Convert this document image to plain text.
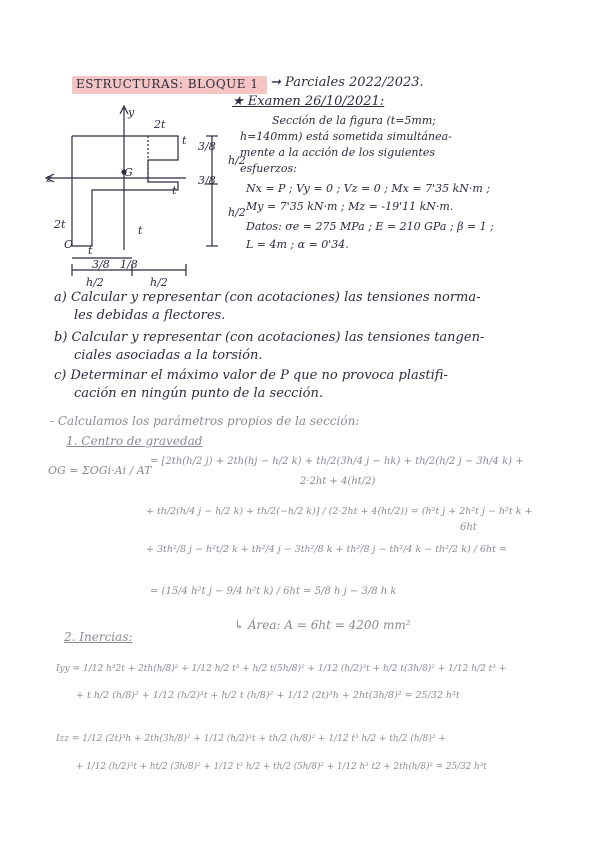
ESTRUCTURAS: BLOQUE 1 ➞ Parciales 2022/2023.
★ Examen 26/10/2021:
Sección de la figura (t=5mm;
h=140mm) está sometida simultánea-
mente a la acción de los siguientes
esfuerzos:
Nx = P ; Vy = 0 ; Vz = 0 ; Mx = 7'35 kN·m ;
My = 7'35 kN·m ; Mz = -19'11 kN·m.
Datos: σe = 275 MPa ; E = 210 GPa ; β = 1 ;
L = 4m ; α = 0'34.
y
z
2t
t 3/8
h/2
G
3/8
h/2
t
t
2t
O t
3/8 1/8
h/2	h/2
a) Calcular y representar (con acotaciones) las tensiones norma-
les debidas a flectores.
b) Calcular y representar (con acotaciones) las tensiones tangen-
ciales asociadas a la torsión.
c) Determinar el máximo valor de P que no provoca plastifi-
cación en ningún punto de la sección.
- Calculamos los parámetros propios de la sección:
1. Centro de gravedad
OG = ΣOGi·Ai / AT
= [2th(h/2 j) + 2th(hj − h/2 k) + th/2(3h/4 j − hk) + th/2(h/2 j − 3h/4 k) +
2·2ht + 4(ht/2)
+ th/2(h/4 j − h/2 k) + th/2(−h/2 k)] / (2·2ht + 4(ht/2)) = (h²t j + 2h²t j − h²t k +
6ht
+ 3th²/8 j − h²t/2 k + th²/4 j − 3th²/8 k + th²/8 j − th²/4 k − th²/2 k) / 6ht =
= (15/4 h²t j − 9/4 h²t k) / 6ht = 5/8 h j − 3/8 h k
↳ Área: A = 6ht = 4200 mm²
2. Inercias:
Iyy = 1/12 h³2t + 2th(h/8)² + 1/12 h/2 t³ + h/2 t(5h/8)² + 1/12 (h/2)³t + h/2 t(3h/8)² + 1/12 h/2 t³ +
+ t h/2 (h/8)² + 1/12 (h/2)³t + h/2 t (h/8)² + 1/12 (2t)³h + 2ht(3h/8)² = 25/32 h³t
Izz = 1/12 (2t)³h + 2th(3h/8)² + 1/12 (h/2)³t + th/2 (h/8)² + 1/12 t³ h/2 + th/2 (h/8)² +
+ 1/12 (h/2)³t + ht/2 (3h/8)² + 1/12 t³ h/2 + th/2 (5h/8)² + 1/12 h³ t2 + 2th(h/8)² = 25/32 h³t
